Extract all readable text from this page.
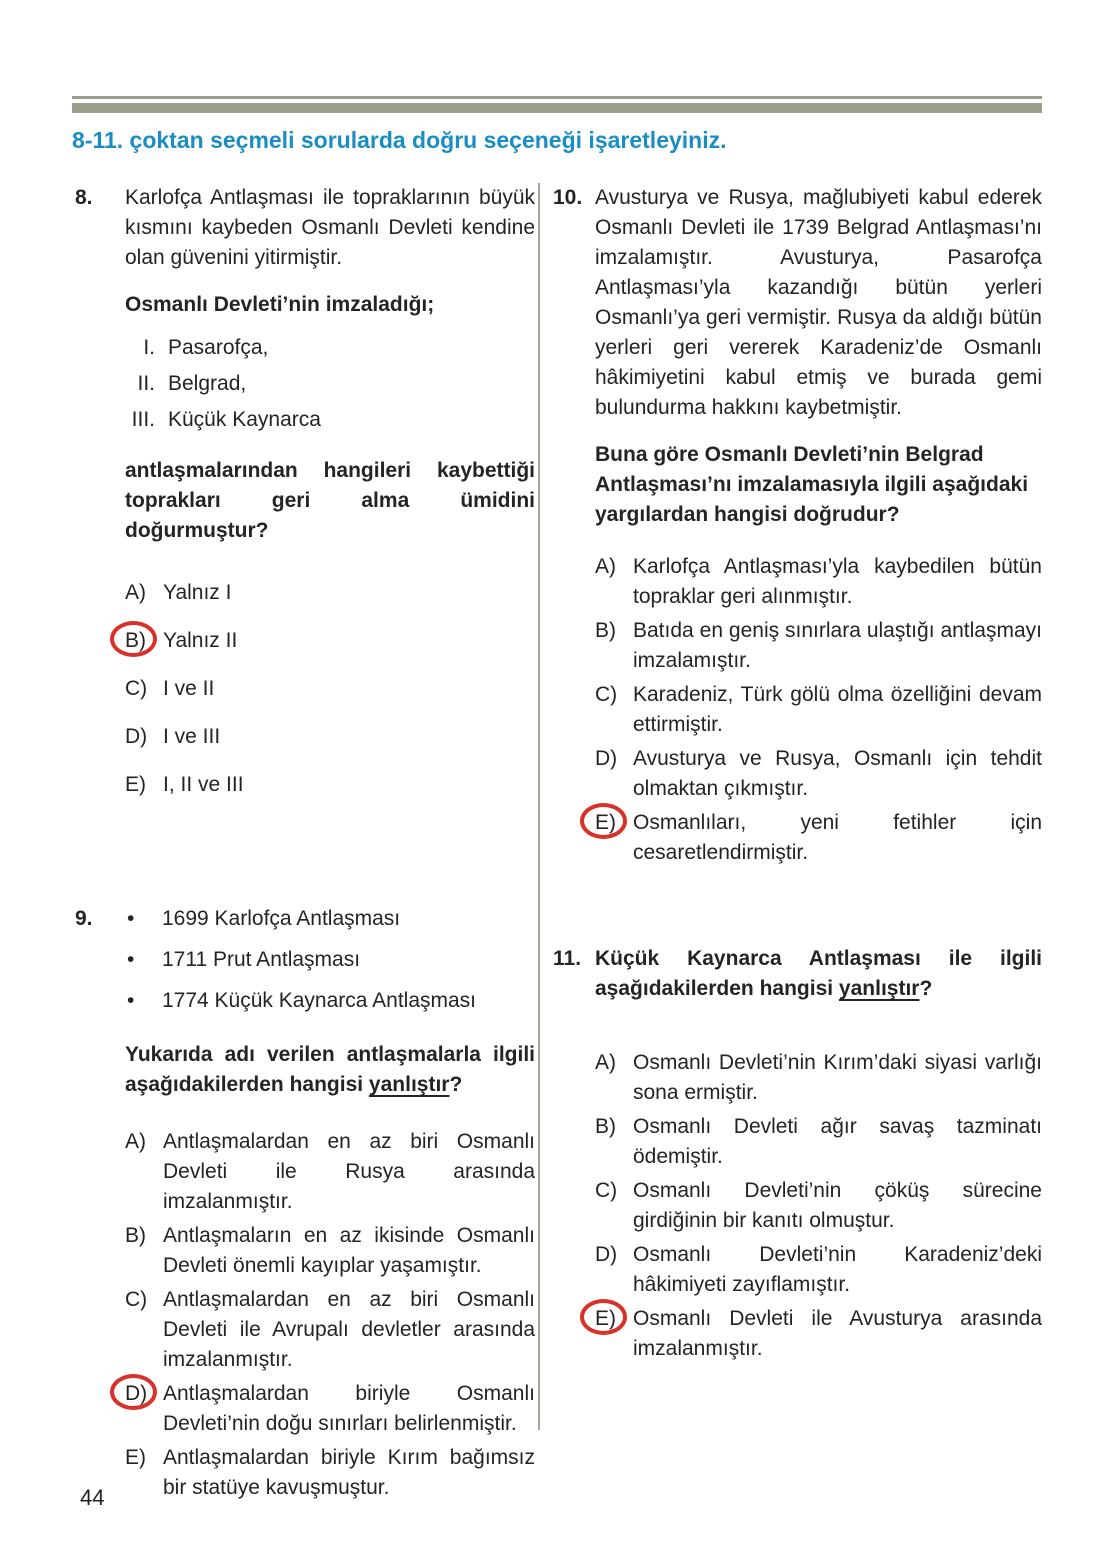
8-11. çoktan seçmeli sorularda doğru seçeneği işaretleyiniz.
8.	Karlofça Antlaşması ile topraklarının büyük kısmını kaybeden Osmanlı Devleti kendine olan güvenini yitirmiştir.

Osmanlı Devleti’nin imzaladığı;

I. Pasarofça,
II. Belgrad,
III. Küçük Kaynarca

antlaşmalarından hangileri kaybettiği toprakları geri alma ümidini doğurmuştur?

A) Yalnız I
B) Yalnız II
C) I ve II
D) I ve III
E) I, II ve III
9.	•	1699 Karlofça Antlaşması
•	1711 Prut Antlaşması
•	1774 Küçük Kaynarca Antlaşması

Yukarıda adı verilen antlaşmalarla ilgili aşağıdakilerden hangisi yanlıştır?

A) Antlaşmalardan en az biri Osmanlı Devleti ile Rusya arasında imzalanmıştır.
B) Antlaşmaların en az ikisinde Osmanlı Devleti önemli kayıplar yaşamıştır.
C) Antlaşmalardan en az biri Osmanlı Devleti ile Avrupalı devletler arasında imzalanmıştır.
D) Antlaşmalardan biriyle Osmanlı Devleti’nin doğu sınırları belirlenmiştir.
E) Antlaşmalardan biriyle Kırım bağımsız bir statüye kavuşmuştur.
10. Avusturya ve Rusya, mağlubiyeti kabul ederek Osmanlı Devleti ile 1739 Belgrad Antlaşması’nı imzalamıştır. Avusturya, Pasarofça Antlaşması’yla kazandığı bütün yerleri Osmanlı’ya geri vermiştir. Rusya da aldığı bütün yerleri geri vererek Karadeniz’de Osmanlı hâkimiyetini kabul etmiş ve burada gemi bulundurma hakkını kaybetmiştir.

Buna göre Osmanlı Devleti’nin Belgrad Antlaşması’nı imzalamasıyla ilgili aşağıdaki yargılardan hangisi doğrudur?

A) Karlofça Antlaşması’yla kaybedilen bütün topraklar geri alınmıştır.
B) Batıda en geniş sınırlara ulaştığı antlaşmayı imzalamıştır.
C) Karadeniz, Türk gölü olma özelliğini devam ettirmiştir.
D) Avusturya ve Rusya, Osmanlı için tehdit olmaktan çıkmıştır.
E) Osmanlıları, yeni fetihler için cesaretlendirmiştir.
11. Küçük Kaynarca Antlaşması ile ilgili aşağıdakilerden hangisi yanlıştır?

A) Osmanlı Devleti’nin Kırım’daki siyasi varlığı sona ermiştir.
B) Osmanlı Devleti ağır savaş tazminatı ödemiştir.
C) Osmanlı Devleti’nin çöküş sürecine girdiğinin bir kanıtı olmuştur.
D) Osmanlı Devleti’nin Karadeniz’deki hâkimiyeti zayıflamıştır.
E) Osmanlı Devleti ile Avusturya arasında imzalanmıştır.
44
